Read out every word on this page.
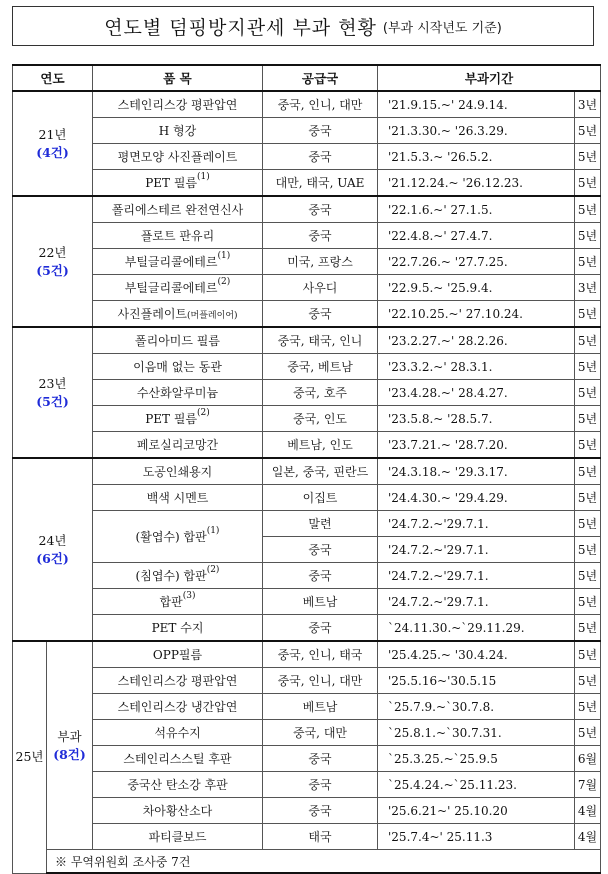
연도별 덤핑방지관세 부과 현황 (부과 시작년도 기준)
연도		품 목	공급국	부과기간	

21년
(4건)		스테인리스강 평판압연	중국, 인니, 대만	'21.9.15.~' 24.9.14.	3년
		H 형강	중국	'21.3.30.~ '26.3.29.	5년
		평면모양 사진플레이트	중국	'21.5.3.~ '26.5.2.	5년
		PET 필름$^{(1)}$	대만, 태국, UAE	'21.12.24.~ '26.12.23.	5년

22년
(5건)		폴리에스테르 완전연신사	중국	'22.1.6.~' 27.1.5.	5년
		플로트 판유리	중국	'22.4.8.~' 27.4.7.	5년
		부틸글리콜에테르$^{(1)}$	미국, 프랑스	'22.7.26.~ '27.7.25.	5년
		부틸글리콜에테르$^{(2)}$	사우디	'22.9.5.~ '25.9.4.	3년
		사진플레이트(머플레이어)	중국	'22.10.25.~' 27.10.24.	5년

23년
(5건)		폴리아미드 필름	중국, 태국, 인니	'23.2.27.~' 28.2.26.	5년
		이음매 없는 동관	중국, 베트남	'23.3.2.~' 28.3.1.	5년
		수산화알루미늄	중국, 호주	'23.4.28.~' 28.4.27.	5년
		PET 필름$^{(2)}$	중국, 인도	'23.5.8.~ '28.5.7.	5년
		페로실리코망간	베트남, 인도	'23.7.21.~ '28.7.20.	5년

24년
(6건)		도공인쇄용지	일본, 중국, 핀란드	'24.3.18.~ '29.3.17.	5년
		백색 시멘트	이집트	'24.4.30.~ '29.4.29.	5년
		(활엽수) 합판$^{(1)}$	말련	'24.7.2.~'29.7.1.	5년
			중국	'24.7.2.~'29.7.1.	5년
		(침엽수) 합판$^{(2)}$	중국	'24.7.2.~'29.7.1.	5년
		합판$^{(3)}$	베트남	'24.7.2.~'29.7.1.	5년
		PET 수지	중국	`24.11.30.~`29.11.29.	5년

25년	부과
(8건)	OPP필름	중국, 인니, 태국	'25.4.25.~ '30.4.24.	5년
		스테인리스강 평판압연	중국, 인니, 대만	'25.5.16~'30.5.15	5년
		스테인리스강 냉간압연	베트남	`25.7.9.~`30.7.8.	5년
		석유수지	중국, 대만	`25.8.1.~`30.7.31.	5년
		스테인리스스틸 후판	중국	`25.3.25.~`25.9.5	6월
		중국산 탄소강 후판	중국	`25.4.24.~`25.11.23.	7월
		차아황산소다	중국	'25.6.21~' 25.10.20	4월
		파티클보드	태국	'25.7.4~' 25.11.3	4월
	※ 무역위원회 조사중 7건				
